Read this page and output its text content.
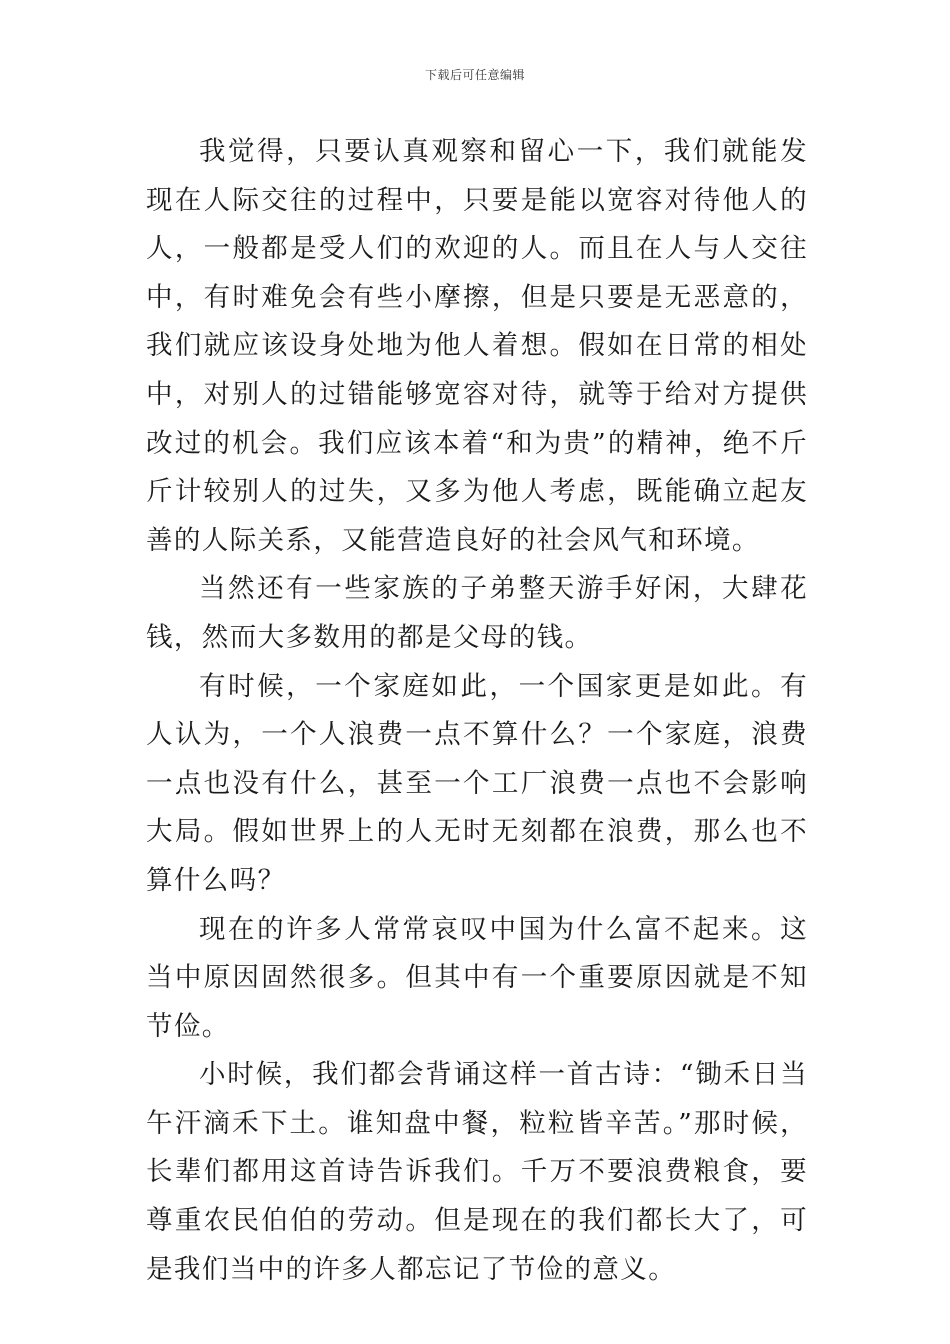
下载后可任意编辑

我觉得，只要认真观察和留心一下，我们就能发现在人际交往的过程中，只要是能以宽容对待他人的人，一般都是受人们的欢迎的人。而且在人与人交往中，有时难免会有些小摩擦，但是只要是无恶意的，我们就应该设身处地为他人着想。假如在日常的相处中，对别人的过错能够宽容对待，就等于给对方提供改过的机会。我们应该本着“和为贵”的精神，绝不斤斤计较别人的过失，又多为他人考虑，既能确立起友善的人际关系，又能营造良好的社会风气和环境。

当然还有一些家族的子弟整天游手好闲，大肆花钱，然而大多数用的都是父母的钱。

有时候，一个家庭如此，一个国家更是如此。有人认为，一个人浪费一点不算什么？一个家庭，浪费一点也没有什么，甚至一个工厂浪费一点也不会影响大局。假如世界上的人无时无刻都在浪费，那么也不算什么吗？

现在的许多人常常哀叹中国为什么富不起来。这当中原因固然很多。但其中有一个重要原因就是不知节俭。

小时候，我们都会背诵这样一首古诗：“锄禾日当午汗滴禾下土。谁知盘中餐，粒粒皆辛苦。”那时候，长辈们都用这首诗告诉我们。千万不要浪费粮食，要尊重农民伯伯的劳动。但是现在的我们都长大了，可是我们当中的许多人都忘记了节俭的意义。
